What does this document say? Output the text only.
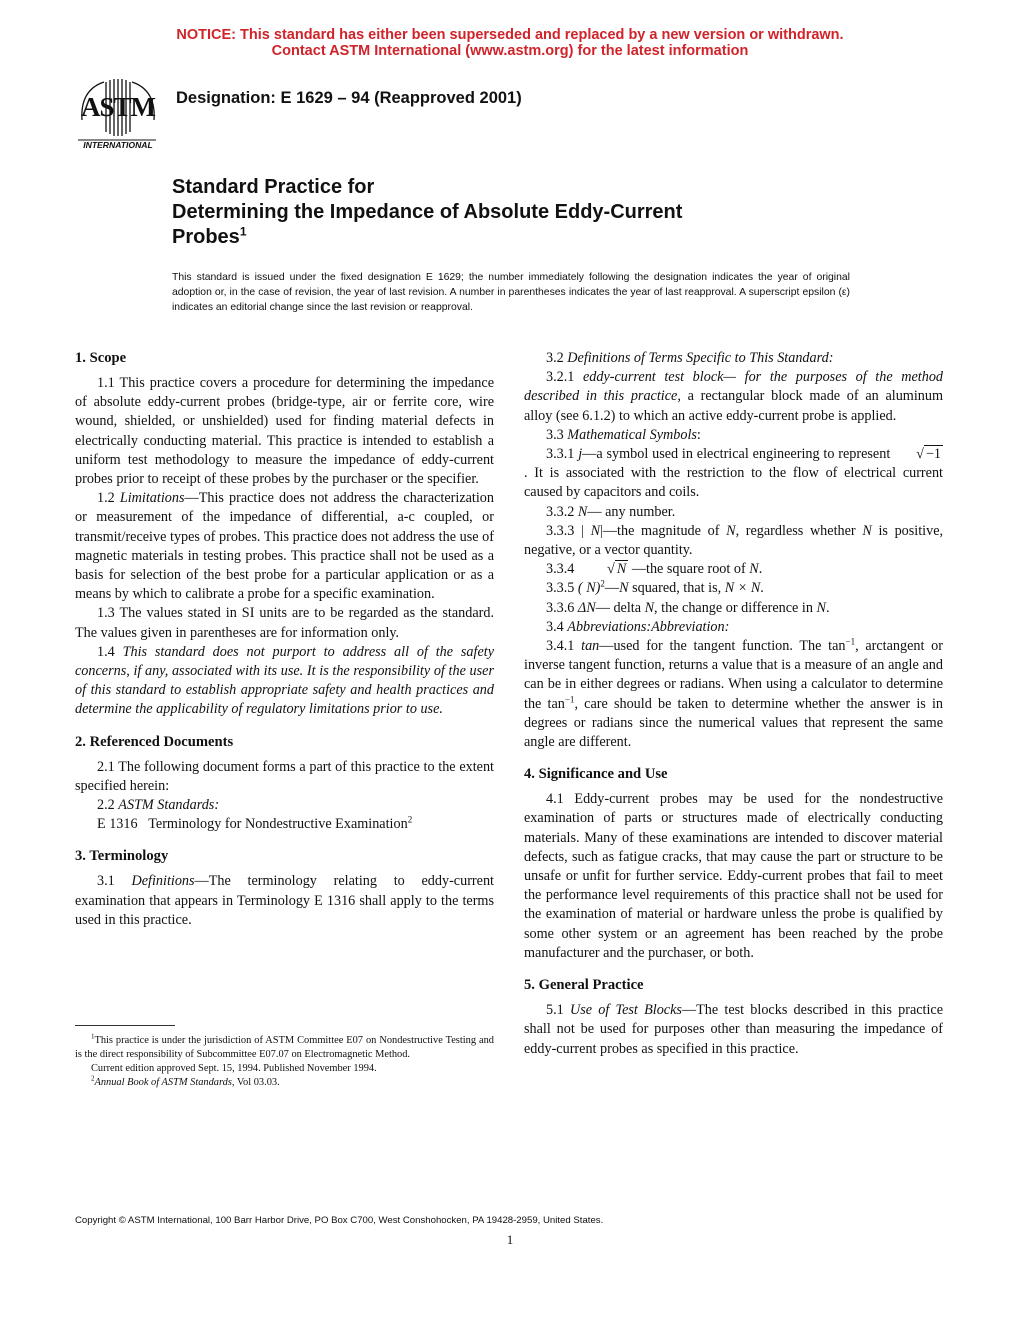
NOTICE: This standard has either been superseded and replaced by a new version or withdrawn.
Contact ASTM International (www.astm.org) for the latest information
ASTM
INTERNATIONAL
Designation: E 1629 – 94 (Reapproved 2001)
Standard Practice for
Determining the Impedance of Absolute Eddy-Current
Probes$^1$
This standard is issued under the fixed designation E 1629; the number immediately following the designation indicates the year of original adoption or, in the case of revision, the year of last revision. A number in parentheses indicates the year of last reapproval. A superscript epsilon (ε) indicates an editorial change since the last revision or reapproval.
1. Scope

1.1 This practice covers a procedure for determining the impedance of absolute eddy-current probes (bridge-type, air or ferrite core, wire wound, shielded, or unshielded) used for finding material defects in electrically conducting material. This practice is intended to establish a uniform test methodology to measure the impedance of eddy-current probes prior to receipt of these probes by the purchaser or the specifier.

1.2 Limitations—This practice does not address the characterization or measurement of the impedance of differential, a-c coupled, or transmit/receive types of probes. This practice does not address the use of magnetic materials in testing probes. This practice shall not be used as a basis for selection of the best probe for a particular application or as a means by which to calibrate a probe for a specific examination.

1.3 The values stated in SI units are to be regarded as the standard. The values given in parentheses are for information only.

1.4 This standard does not purport to address all of the safety concerns, if any, associated with its use. It is the responsibility of the user of this standard to establish appropriate safety and health practices and determine the applicability of regulatory limitations prior to use.

2. Referenced Documents

2.1 The following document forms a part of this practice to the extent specified herein:

2.2 ASTM Standards:

E 1316 Terminology for Nondestructive Examination$^2$

3. Terminology

3.1 Definitions—The terminology relating to eddy-current examination that appears in Terminology E 1316 shall apply to the terms used in this practice.

$^1$This practice is under the jurisdiction of ASTM Committee E07 on Nondestructive Testing and is the direct responsibility of Subcommittee E07.07 on Electromagnetic Method.

Current edition approved Sept. 15, 1994. Published November 1994.

$^2$Annual Book of ASTM Standards, Vol 03.03.

3.2 Definitions of Terms Specific to This Standard:

3.2.1 eddy-current test block— for the purposes of the method described in this practice, a rectangular block made of an aluminum alloy (see 6.1.2) to which an active eddy-current probe is applied.

3.3 Mathematical Symbols:

3.3.1 j—a symbol used in electrical engineering to represent √ −1 . It is associated with the restriction to the flow of electrical current caused by capacitors and coils.

3.3.2 N— any number.

3.3.3 | N|—the magnitude of N, regardless whether N is positive, negative, or a vector quantity.

3.3.4 √ N —the square root of N.

3.3.5 ( N)$^2$—N squared, that is, N × N.

3.3.6 ΔN— delta N, the change or difference in N.

3.4 Abbreviations:Abbreviation:

3.4.1 tan—used for the tangent function. The $\tan^{-1}$, arctangent or inverse tangent function, returns a value that is a measure of an angle and can be in either degrees or radians. When using a calculator to determine the $\tan^{-1}$, care should be taken to determine whether the answer is in degrees or radians since the numerical values that represent the same angle are different.

4. Significance and Use

4.1 Eddy-current probes may be used for the nondestructive examination of parts or structures made of electrically conducting materials. Many of these examinations are intended to discover material defects, such as fatigue cracks, that may cause the part or structure to be unsafe or unfit for further service. Eddy-current probes that fail to meet the performance level requirements of this practice shall not be used for the examination of material or hardware unless the probe is qualified by some other system or an agreement has been reached by the probe manufacturer and the purchaser, or both.

5. General Practice

5.1 Use of Test Blocks—The test blocks described in this practice shall not be used for purposes other than measuring the impedance of eddy-current probes as specified in this practice.

Copyright © ASTM International, 100 Barr Harbor Drive, PO Box C700, West Conshohocken, PA 19428-2959, United States.
1
